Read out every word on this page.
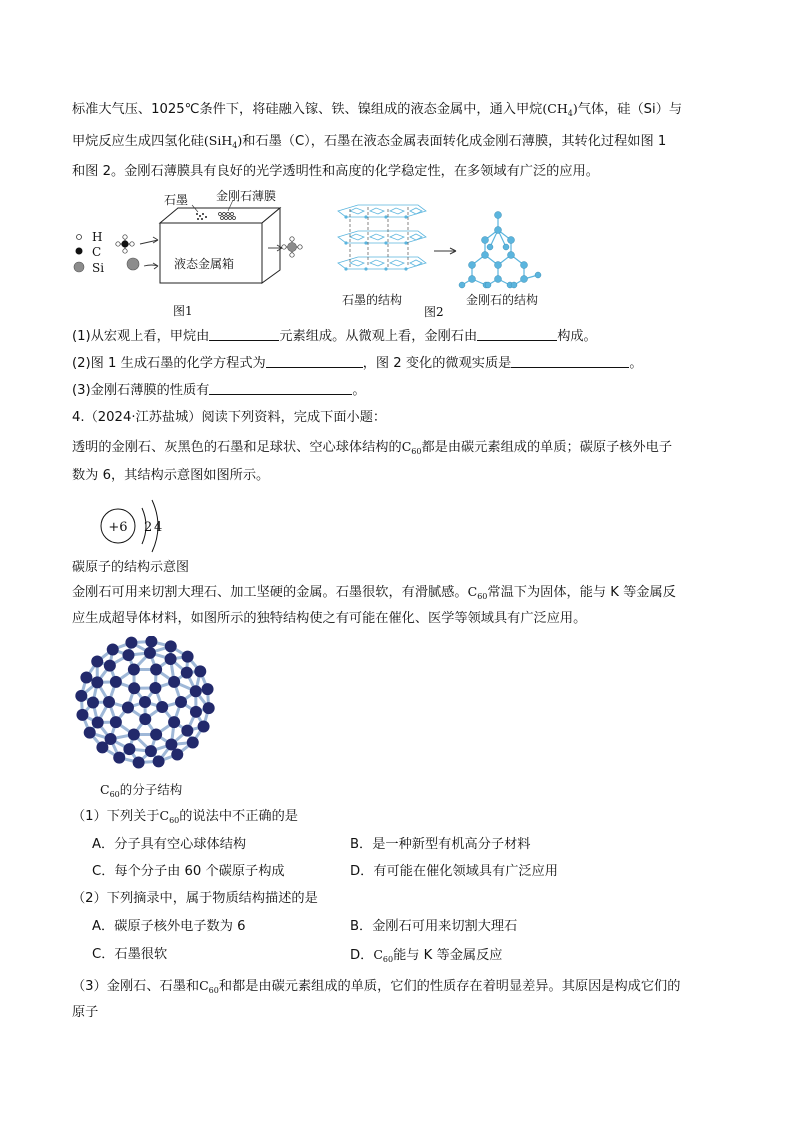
标准大气压、1025℃条件下，将硅融入镓、铁、镍组成的液态金属中，通入甲烷$(CH_4)$气体，硅（Si）与
甲烷反应生成四氢化硅(SiH$_4$)和石墨（C），石墨在液态金属表面转化成金刚石薄膜，其转化过程如图 1
和图 2。金刚石薄膜具有良好的光学透明性和高度的化学稳定性，在多领域有广泛的应用。
H
C
Si
石墨 金刚石薄膜
液态金属箱
图1
石墨的结构
图2
金刚石的结构
(1)从宏观上看，甲烷由	元素组成。从微观上看，金刚石由	构成。
(2)图 1 生成石墨的化学方程式为	，图 2 变化的微观实质是	。
(3)金刚石薄膜的性质有	。
4.（2024·江苏盐城）阅读下列资料，完成下面小题：
透明的金刚石、灰黑色的石墨和足球状、空心球体结构的$C_{60}$都是由碳元素组成的单质；碳原子核外电子
数为 6，其结构示意图如图所示。
+6 2 4
碳原子的结构示意图
金刚石可用来切割大理石、加工坚硬的金属。石墨很软，有滑腻感。$C_{60}$常温下为固体，能与 K 等金属反
应生成超导体材料，如图所示的独特结构使之有可能在催化、医学等领域具有广泛应用。
$C_{60}$的分子结构
（1）下列关于$C_{60}$的说法中不正确的是
A．分子具有空心球体结构	B．是一种新型有机高分子材料
C．每个分子由 60 个碳原子构成	D．有可能在催化领域具有广泛应用
（2）下列摘录中，属于物质结构描述的是
A．碳原子核外电子数为 6	B．金刚石可用来切割大理石
C．石墨很软	D．$C_{60}$能与 K 等金属反应
（3）金刚石、石墨和$C_{60}$和都是由碳元素组成的单质，它们的性质存在着明显差异。其原因是构成它们的
原子
